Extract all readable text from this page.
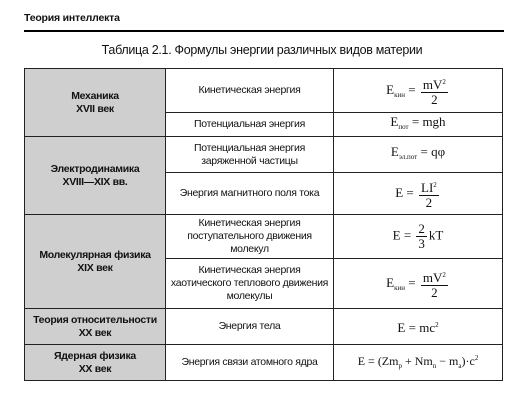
Теория интеллекта
Таблица 2.1. Формулы энергии различных видов материи
Механика
XVII век	Кинетическая энергия	$E_{кин} = \frac{mV^2}{2}$

	Потенциальная энергия	$E_{пот}$ = mgh
Электродинамика
XVIII—XIX вв.	Потенциальная энергия заряженной частицы	$E_{эл.пот} = q\varphi$
	Энергия магнитного поля тока	$E = \frac{LI^2}{2}$

Молекулярная физика
XIX век	Кинетическая энергия поступательного движения молекул	$E = \frac{2}{3}$ kT
	Кинетическая энергия хаотического теплового движения молекулы	$E_{кин} = \frac{mV^2}{2}$

Теория относительности
XX век	Энергия тела	$E = mc^2$
Ядерная физика
XX век	Энергия связи атомного ядра	$E = (Zm_p + Nm_n - m_a)\cdot c^2$
